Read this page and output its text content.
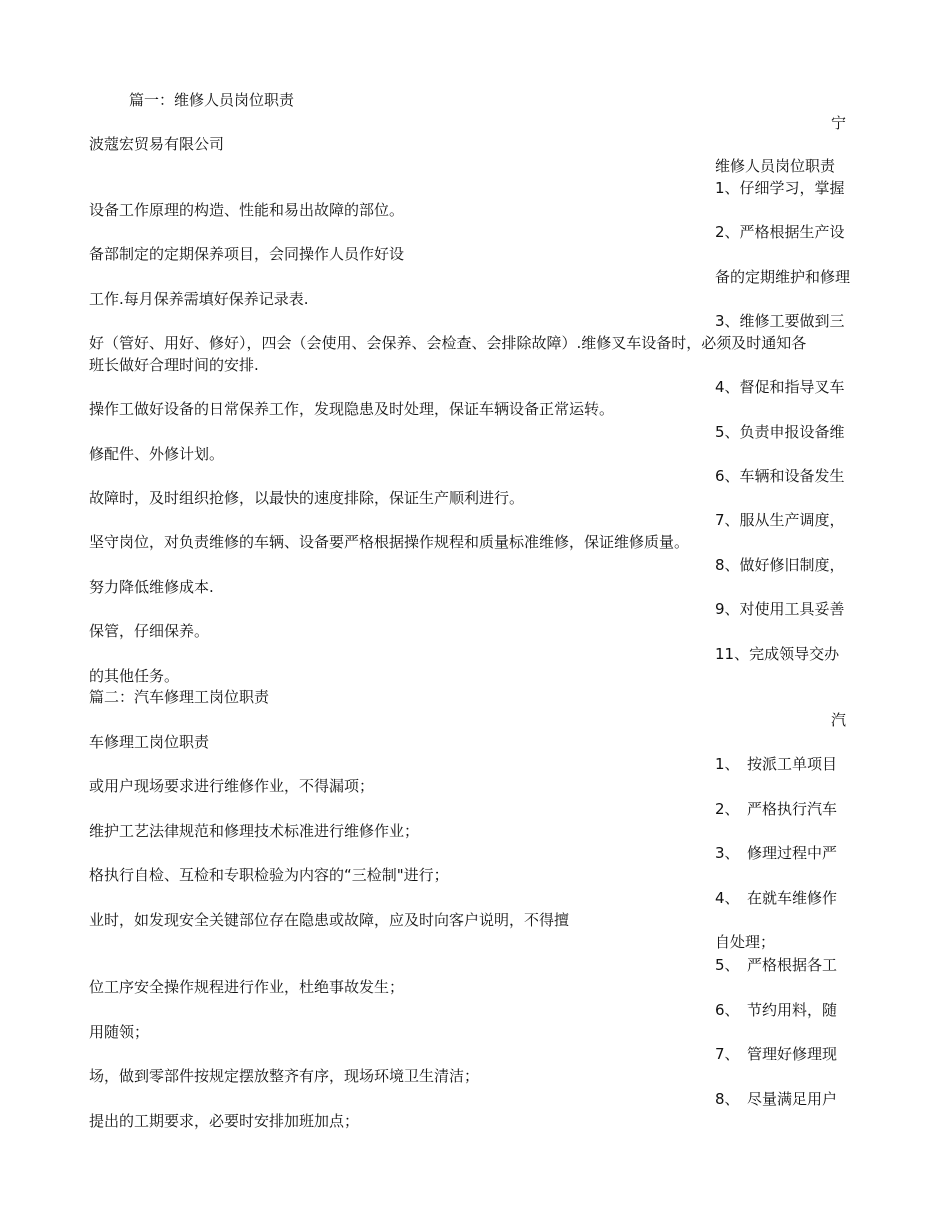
篇一：维修人员岗位职责
宁
波蔻宏贸易有限公司
维修人员岗位职责
1、仔细学习，掌握
设备工作原理的构造、性能和易出故障的部位。
2、严格根据生产设
备部制定的定期保养项目，会同操作人员作好设
备的定期维护和修理
工作.每月保养需填好保养记录表.
3、维修工要做到三
好（管好、用好、修好），四会（会使用、会保养、会检查、会排除故障）.维修叉车设备时，必须及时通知各
班长做好合理时间的安排.
4、督促和指导叉车
操作工做好设备的日常保养工作，发现隐患及时处理，保证车辆设备正常运转。
5、负责申报设备维
修配件、外修计划。
6、车辆和设备发生
故障时，及时组织抢修，以最快的速度排除，保证生产顺利进行。
7、服从生产调度，
坚守岗位，对负责维修的车辆、设备要严格根据操作规程和质量标准维修，保证维修质量。
8、做好修旧制度，
努力降低维修成本.
9、对使用工具妥善
保管，仔细保养。
11、完成领导交办
的其他任务。
篇二：汽车修理工岗位职责
汽
车修理工岗位职责
1、　按派工单项目
或用户现场要求进行维修作业，不得漏项；
2、　严格执行汽车
维护工艺法律规范和修理技术标准进行维修作业；
3、　修理过程中严
格执行自检、互检和专职检验为内容的“三检制"进行；
4、　在就车维修作
业时，如发现安全关键部位存在隐患或故障，应及时向客户说明，不得擅
自处理；
5、　严格根据各工
位工序安全操作规程进行作业，杜绝事故发生；
6、　节约用料，随
用随领；
7、　管理好修理现
场，做到零部件按规定摆放整齐有序，现场环境卫生清洁；
8、　尽量满足用户
提出的工期要求，必要时安排加班加点；
